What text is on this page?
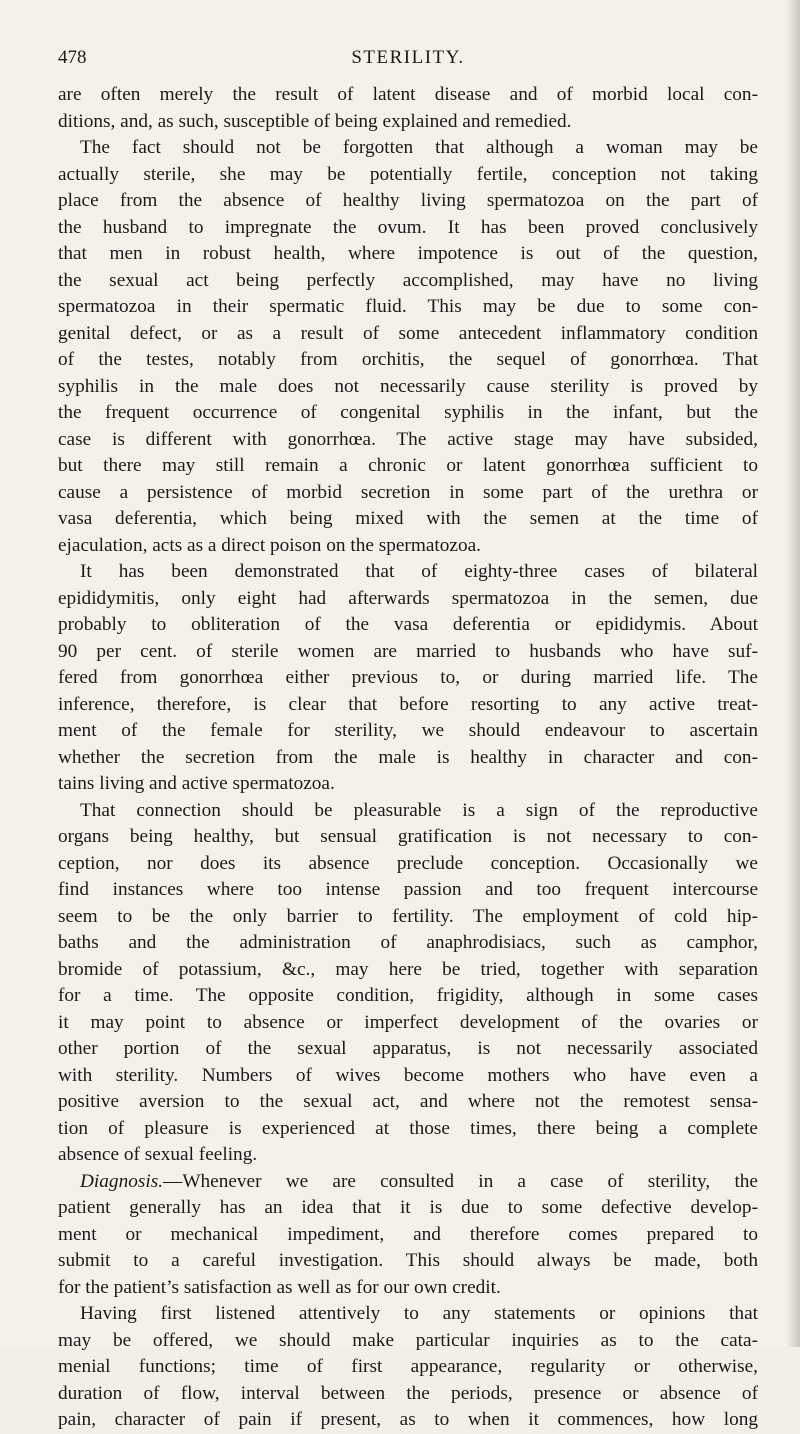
478	STERILITY.
are often merely the result of latent disease and of morbid local con-
ditions, and, as such, susceptible of being explained and remedied.
The fact should not be forgotten that although a woman may be
actually sterile, she may be potentially fertile, conception not taking
place from the absence of healthy living spermatozoa on the part of
the husband to impregnate the ovum. It has been proved conclusively
that men in robust health, where impotence is out of the question,
the sexual act being perfectly accomplished, may have no living
spermatozoa in their spermatic fluid. This may be due to some con-
genital defect, or as a result of some antecedent inflammatory condition
of the testes, notably from orchitis, the sequel of gonorrhœa. That
syphilis in the male does not necessarily cause sterility is proved by
the frequent occurrence of congenital syphilis in the infant, but the
case is different with gonorrhœa. The active stage may have subsided,
but there may still remain a chronic or latent gonorrhœa sufficient to
cause a persistence of morbid secretion in some part of the urethra or
vasa deferentia, which being mixed with the semen at the time of
ejaculation, acts as a direct poison on the spermatozoa.
It has been demonstrated that of eighty-three cases of bilateral
epididymitis, only eight had afterwards spermatozoa in the semen, due
probably to obliteration of the vasa deferentia or epididymis. About
90 per cent. of sterile women are married to husbands who have suf-
fered from gonorrhœa either previous to, or during married life. The
inference, therefore, is clear that before resorting to any active treat-
ment of the female for sterility, we should endeavour to ascertain
whether the secretion from the male is healthy in character and con-
tains living and active spermatozoa.
That connection should be pleasurable is a sign of the reproductive
organs being healthy, but sensual gratification is not necessary to con-
ception, nor does its absence preclude conception. Occasionally we
find instances where too intense passion and too frequent intercourse
seem to be the only barrier to fertility. The employment of cold hip-
baths and the administration of anaphrodisiacs, such as camphor,
bromide of potassium, &c., may here be tried, together with separation
for a time. The opposite condition, frigidity, although in some cases
it may point to absence or imperfect development of the ovaries or
other portion of the sexual apparatus, is not necessarily associated
with sterility. Numbers of wives become mothers who have even a
positive aversion to the sexual act, and where not the remotest sensa-
tion of pleasure is experienced at those times, there being a complete
absence of sexual feeling.
Diagnosis.—Whenever we are consulted in a case of sterility, the
patient generally has an idea that it is due to some defective develop-
ment or mechanical impediment, and therefore comes prepared to
submit to a careful investigation. This should always be made, both
for the patient’s satisfaction as well as for our own credit.
Having first listened attentively to any statements or opinions that
may be offered, we should make particular inquiries as to the cata-
menial functions; time of first appearance, regularity or otherwise,
duration of flow, interval between the periods, presence or absence of
pain, character of pain if present, as to when it commences, how long
